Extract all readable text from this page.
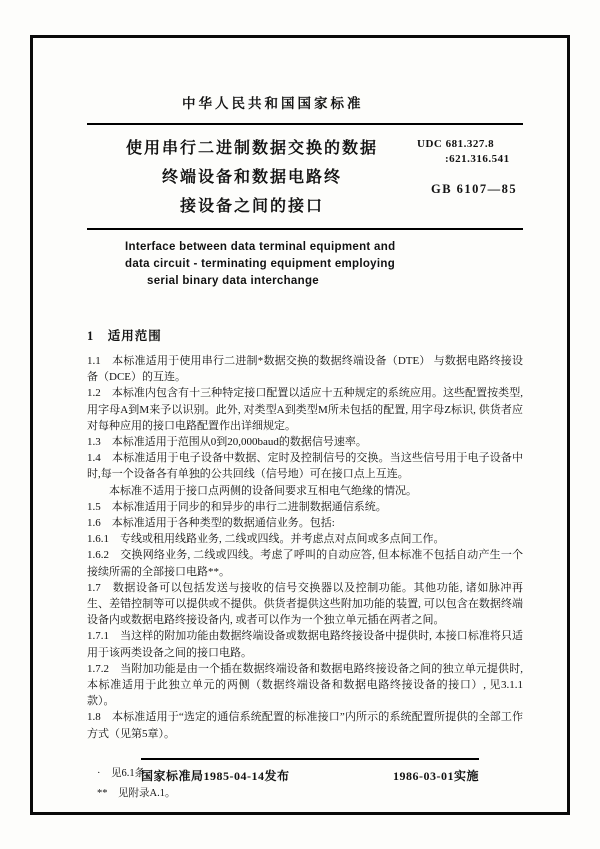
中华人民共和国国家标准
使用串行二进制数据交换的数据
终端设备和数据电路终
接设备之间的接口
UDC 681.327.8
:621.316.541
GB 6107—85
Interface between data terminal equipment and
data circuit - terminating equipment employing
serial binary data interchange
1　适用范围

1.1　本标准适用于使用串行二进制*数据交换的数据终端设备（DTE） 与数据电路终接设备（DCE）的互连。

1.2　本标准内包含有十三种特定接口配置以适应十五种规定的系统应用。这些配置按类型,用字母A到M来予以识别。此外, 对类型A到类型M所未包括的配置, 用字母Z标识, 供货者应对每种应用的接口电路配置作出详细规定。

1.3　本标准适用于范围从0到20,000baud的数据信号速率。

1.4　本标准适用于电子设备中数据、定时及控制信号的交换。当这些信号用于电子设备中时,每一个设备各有单独的公共回线（信号地）可在接口点上互连。

本标准不适用于接口点两侧的设备间要求互相电气绝缘的情况。

1.5　本标准适用于同步的和异步的串行二进制数据通信系统。

1.6　本标准适用于各种类型的数据通信业务。包括:

1.6.1　专线或租用线路业务, 二线或四线。并考虑点对点间或多点间工作。

1.6.2　交换网络业务, 二线或四线。考虑了呼叫的自动应答, 但本标准不包括自动产生一个接续所需的全部接口电路**。

1.7　数据设备可以包括发送与接收的信号交换器以及控制功能。其他功能, 诸如脉冲再生、差错控制等可以提供或不提供。供货者提供这些附加功能的装置, 可以包含在数据终端设备内或数据电路终接设备内, 或者可以作为一个独立单元插在两者之间。

1.7.1　当这样的附加功能由数据终端设备或数据电路终接设备中提供时, 本接口标准将只适用于该两类设备之间的接口电路。

1.7.2　当附加功能是由一个插在数据终端设备和数据电路终接设备之间的独立单元提供时, 本标准适用于此独立单元的两侧（数据终端设备和数据电路终接设备的接口）, 见3.1.1款）。

1.8　本标准适用于“选定的通信系统配置的标准接口”内所示的系统配置所提供的全部工作方式（见第5章）。

·　见6.1条。
**　见附录A.1。
国家标准局1985-04-14发布	1986-03-01实施
